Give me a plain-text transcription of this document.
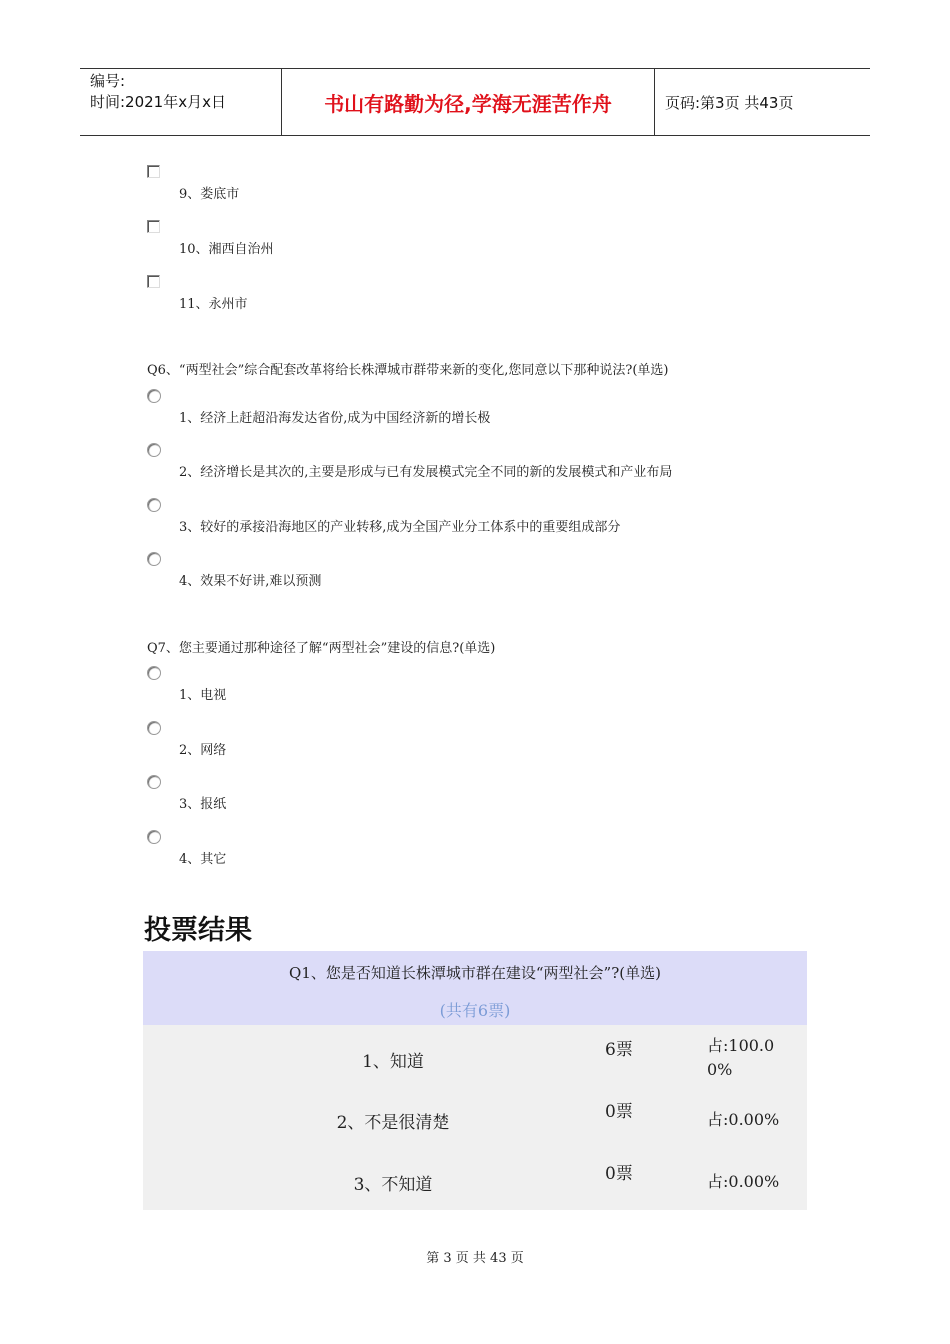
编号:
时间:2021年x月x日	书山有路勤为径,学海无涯苦作舟	页码:第3页 共43页
9、娄底市
10、湘西自治州
11、永州市
Q6、“两型社会”综合配套改革将给长株潭城市群带来新的变化,您同意以下那种说法?(单选)
1、经济上赶超沿海发达省份,成为中国经济新的增长极
2、经济增长是其次的,主要是形成与已有发展模式完全不同的新的发展模式和产业布局
3、较好的承接沿海地区的产业转移,成为全国产业分工体系中的重要组成部分
4、效果不好讲,难以预测
Q7、您主要通过那种途径了解“两型社会”建设的信息?(单选)
1、电视
2、网络
3、报纸
4、其它
投票结果
Q1、您是否知道长株潭城市群在建设“两型社会”?(单选)
(共有6票)
1、知道
6票	占:100.00%
2、不是很清楚
0票	占:0.00%
3、不知道
0票	占:0.00%
第 3 页 共 43 页
